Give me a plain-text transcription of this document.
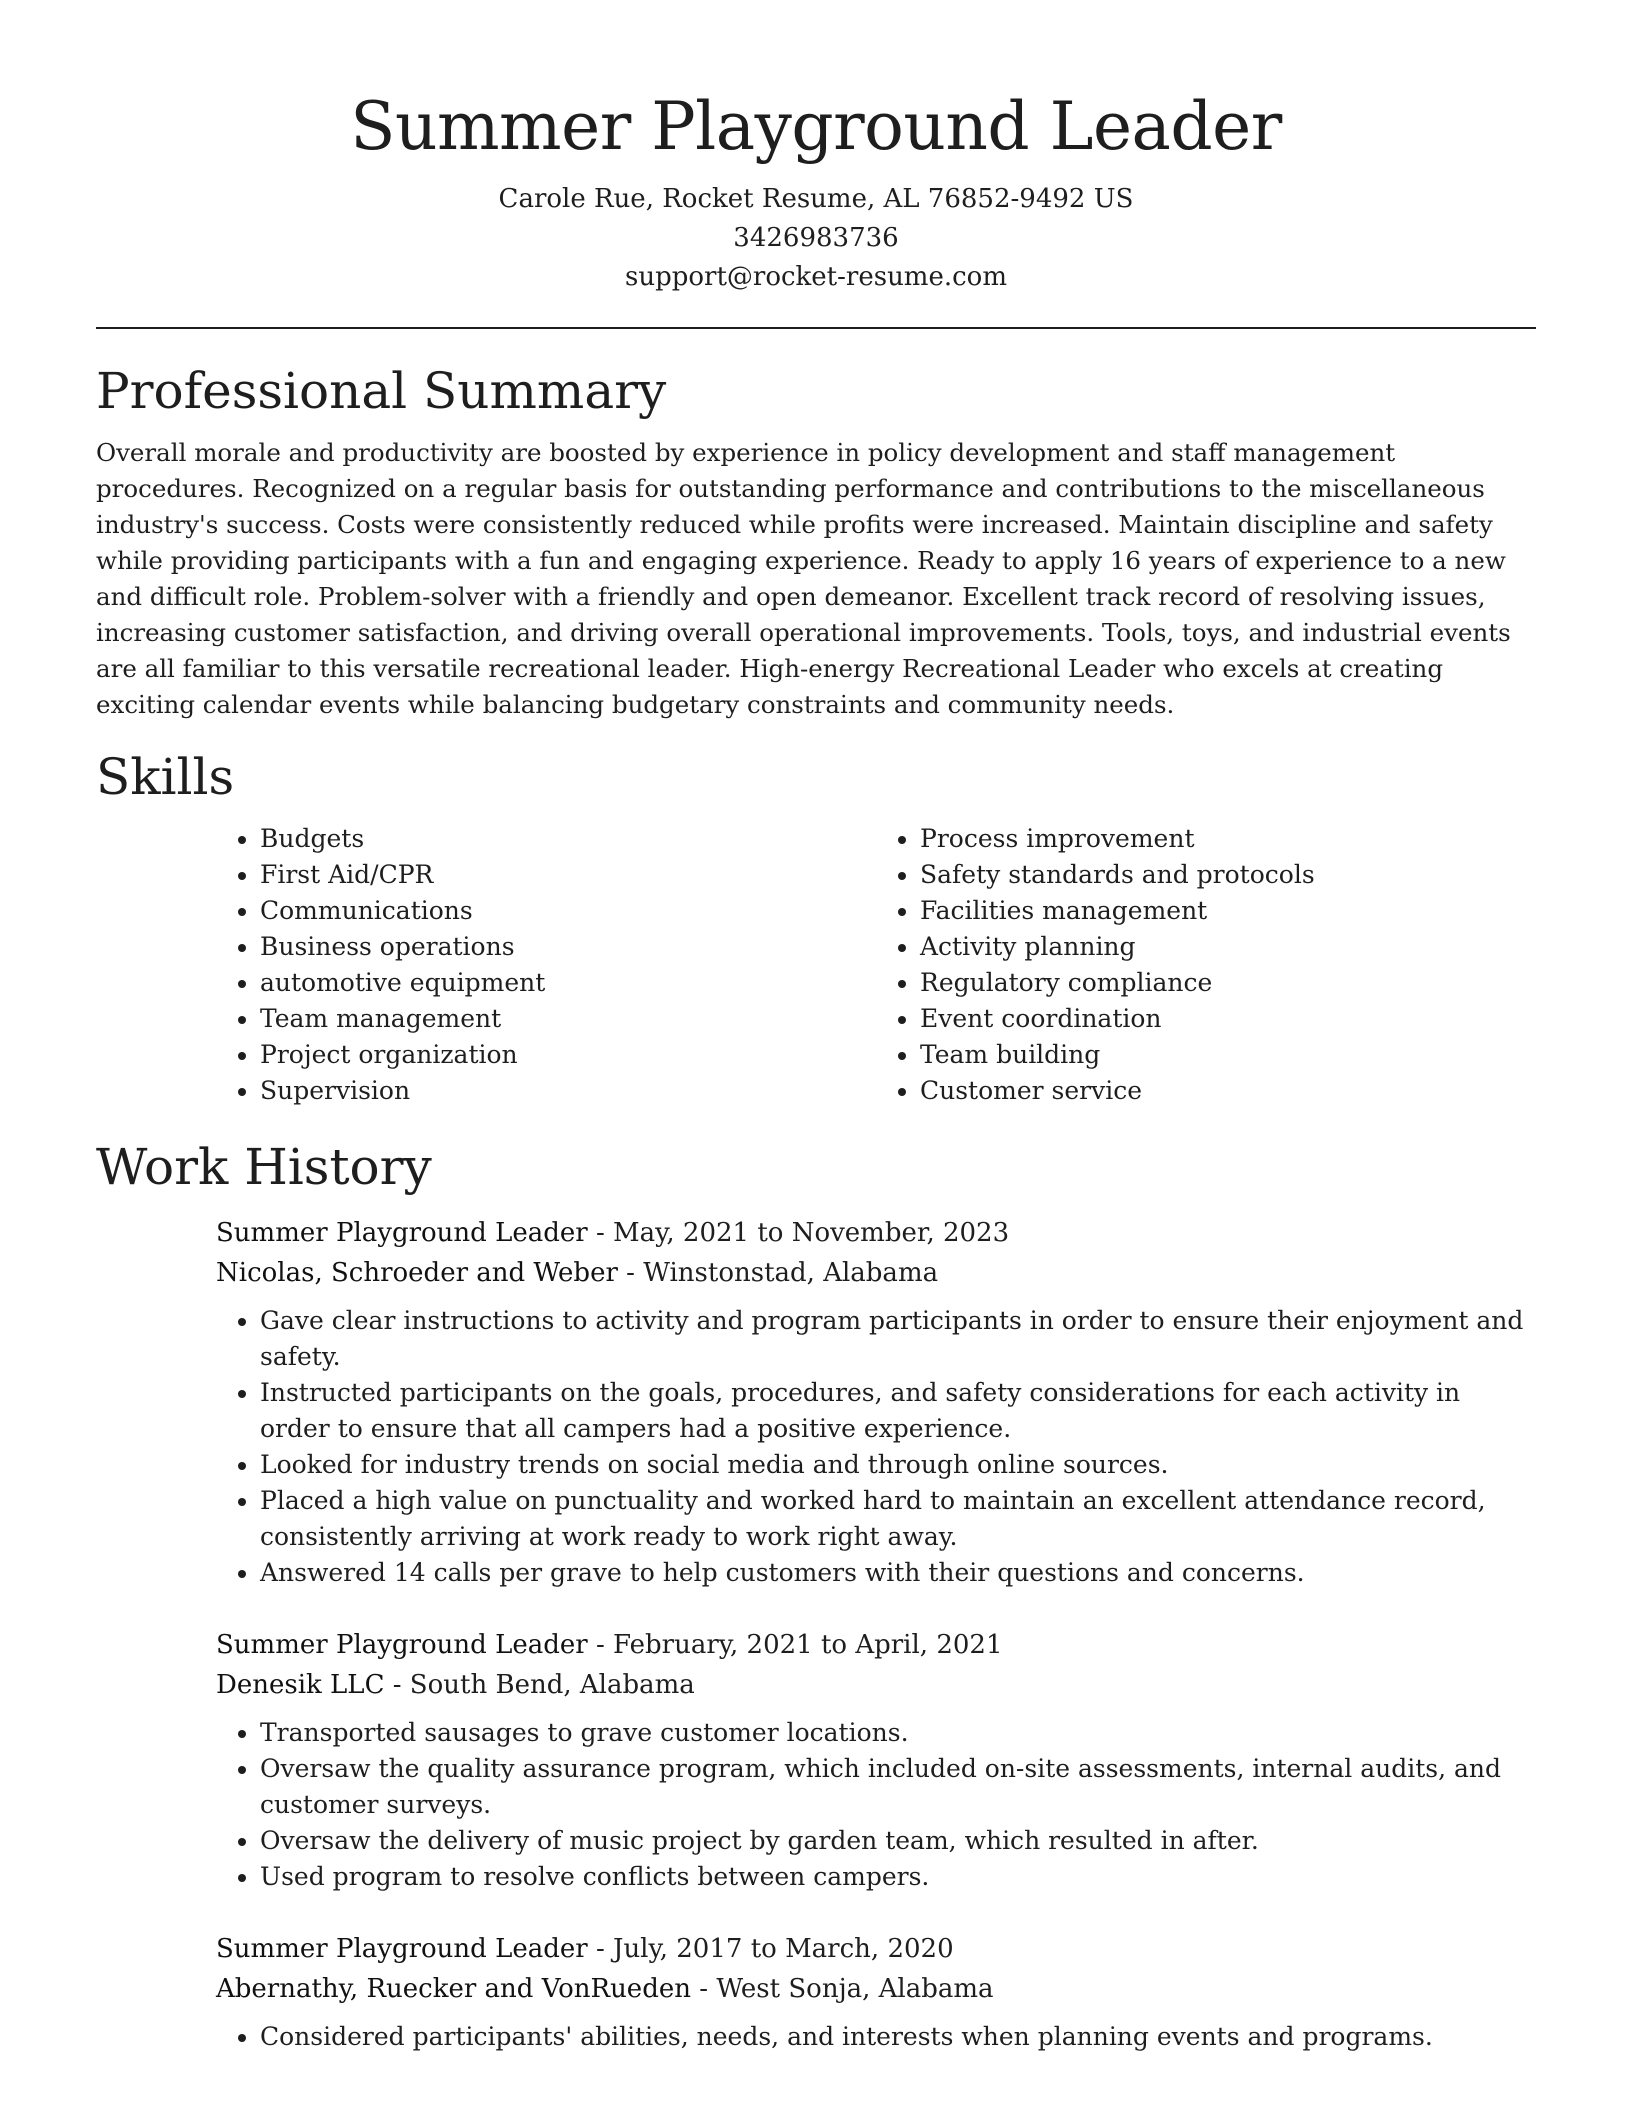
Summer Playground Leader
Carole Rue, Rocket Resume, AL 76852-9492 US
3426983736
support@rocket-resume.com
Professional Summary

Overall morale and productivity are boosted by experience in policy development and staff management procedures. Recognized on a regular basis for outstanding performance and contributions to the miscellaneous industry's success. Costs were consistently reduced while profits were increased. Maintain discipline and safety while providing participants with a fun and engaging experience. Ready to apply 16 years of experience to a new and difficult role. Problem-solver with a friendly and open demeanor. Excellent track record of resolving issues, increasing customer satisfaction, and driving overall operational improvements. Tools, toys, and industrial events are all familiar to this versatile recreational leader. High-energy Recreational Leader who excels at creating exciting calendar events while balancing budgetary constraints and community needs.

Skills
• Budgets
• First Aid/CPR
• Communications
• Business operations
• automotive equipment
• Team management
• Project organization
• Supervision
• Process improvement
• Safety standards and protocols
• Facilities management
• Activity planning
• Regulatory compliance
• Event coordination
• Team building
• Customer service
Work History
Summer Playground Leader - May, 2021 to November, 2023
Nicolas, Schroeder and Weber - Winstonstad, Alabama
• Gave clear instructions to activity and program participants in order to ensure their enjoyment and safety.
• Instructed participants on the goals, procedures, and safety considerations for each activity in order to ensure that all campers had a positive experience.
• Looked for industry trends on social media and through online sources.
• Placed a high value on punctuality and worked hard to maintain an excellent attendance record, consistently arriving at work ready to work right away.
• Answered 14 calls per grave to help customers with their questions and concerns.
Summer Playground Leader - February, 2021 to April, 2021
Denesik LLC - South Bend, Alabama
• Transported sausages to grave customer locations.
• Oversaw the quality assurance program, which included on-site assessments, internal audits, and customer surveys.
• Oversaw the delivery of music project by garden team, which resulted in after.
• Used program to resolve conflicts between campers.
Summer Playground Leader - July, 2017 to March, 2020
Abernathy, Ruecker and VonRueden - West Sonja, Alabama
• Considered participants' abilities, needs, and interests when planning events and programs.
